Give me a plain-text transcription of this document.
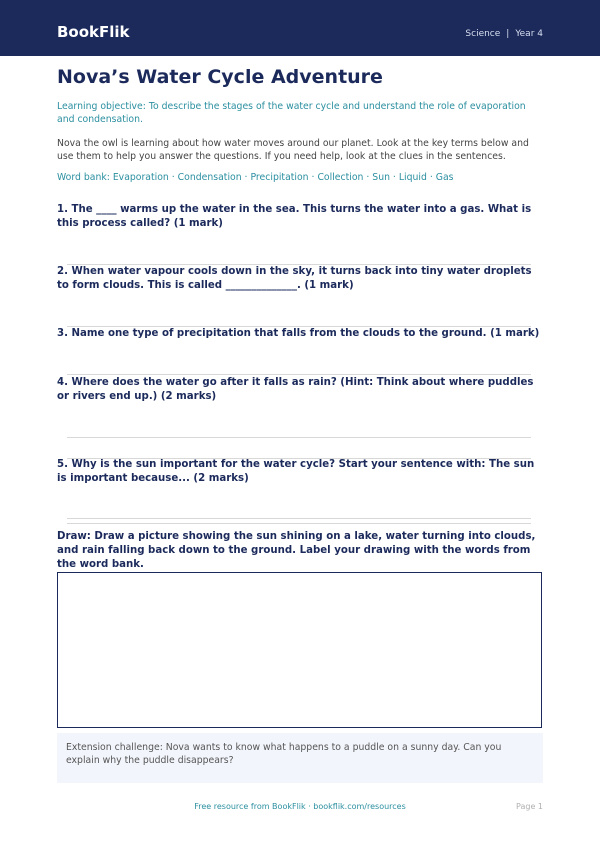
BookFlik	Science | Year 4
Nova’s Water Cycle Adventure
Learning objective: To describe the stages of the water cycle and understand the role of evaporation and condensation.
Nova the owl is learning about how water moves around our planet. Look at the key terms below and use them to help you answer the questions. If you need help, look at the clues in the sentences.
Word bank: Evaporation · Condensation · Precipitation · Collection · Sun · Liquid · Gas
1. The ____ warms up the water in the sea. This turns the water into a gas. What is this process called? (1 mark)
2. When water vapour cools down in the sky, it turns back into tiny water droplets to form clouds. This is called ______________. (1 mark)
3. Name one type of precipitation that falls from the clouds to the ground. (1 mark)
4. Where does the water go after it falls as rain? (Hint: Think about where puddles or rivers end up.) (2 marks)
5. Why is the sun important for the water cycle? Start your sentence with: The sun is important because... (2 marks)
Draw: Draw a picture showing the sun shining on a lake, water turning into clouds, and rain falling back down to the ground. Label your drawing with the words from the word bank.
Extension challenge: Nova wants to know what happens to a puddle on a sunny day. Can you explain why the puddle disappears?
Free resource from BookFlik · bookflik.com/resources	Page 1
